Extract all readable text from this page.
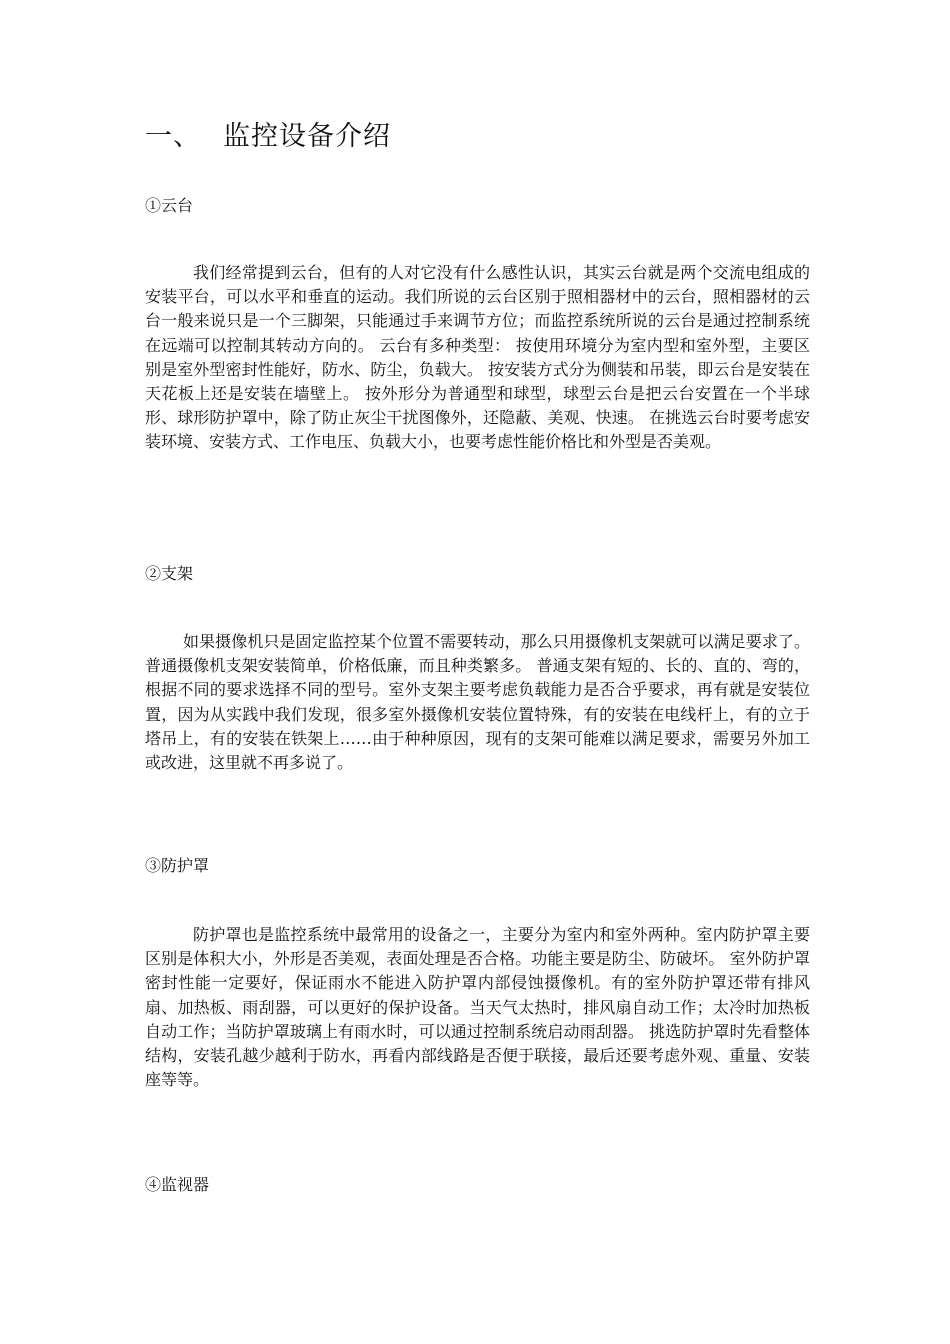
一、 监控设备介绍
①云台

我们经常提到云台，但有的人对它没有什么感性认识，其实云台就是两个交流电组成的安装平台，可以水平和垂直的运动。我们所说的云台区别于照相器材中的云台，照相器材的云台一般来说只是一个三脚架，只能通过手来调节方位；而监控系统所说的云台是通过控制系统在远端可以控制其转动方向的。 云台有多种类型： 按使用环境分为室内型和室外型，主要区别是室外型密封性能好，防水、防尘，负载大。 按安装方式分为侧装和吊装，即云台是安装在天花板上还是安装在墙壁上。 按外形分为普通型和球型，球型云台是把云台安置在一个半球形、球形防护罩中，除了防止灰尘干扰图像外，还隐蔽、美观、快速。 在挑选云台时要考虑安装环境、安装方式、工作电压、负载大小，也要考虑性能价格比和外型是否美观。

②支架

如果摄像机只是固定监控某个位置不需要转动，那么只用摄像机支架就可以满足要求了。普通摄像机支架安装简单，价格低廉，而且种类繁多。 普通支架有短的、长的、直的、弯的，根据不同的要求选择不同的型号。室外支架主要考虑负载能力是否合乎要求，再有就是安装位置，因为从实践中我们发现，很多室外摄像机安装位置特殊，有的安装在电线杆上，有的立于塔吊上，有的安装在铁架上……由于种种原因，现有的支架可能难以满足要求，需要另外加工或改进，这里就不再多说了。

③防护罩

防护罩也是监控系统中最常用的设备之一，主要分为室内和室外两种。室内防护罩主要区别是体积大小，外形是否美观，表面处理是否合格。功能主要是防尘、防破坏。 室外防护罩密封性能一定要好，保证雨水不能进入防护罩内部侵蚀摄像机。有的室外防护罩还带有排风扇、加热板、雨刮器，可以更好的保护设备。当天气太热时，排风扇自动工作；太冷时加热板自动工作；当防护罩玻璃上有雨水时，可以通过控制系统启动雨刮器。 挑选防护罩时先看整体结构，安装孔越少越利于防水，再看内部线路是否便于联接，最后还要考虑外观、重量、安装座等等。

④监视器
